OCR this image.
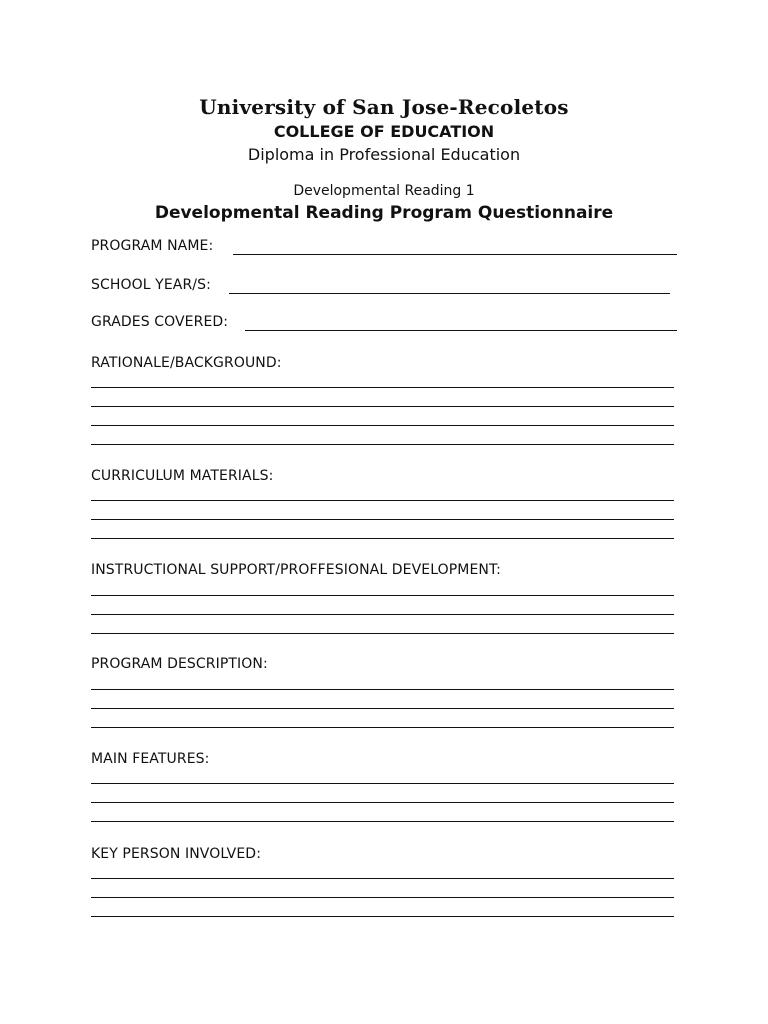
University of San Jose-Recoletos
COLLEGE OF EDUCATION
Diploma in Professional Education
Developmental Reading 1
Developmental Reading Program Questionnaire
PROGRAM NAME:
SCHOOL YEAR/S:
GRADES COVERED:
RATIONALE/BACKGROUND:
CURRICULUM MATERIALS:
INSTRUCTIONAL SUPPORT/PROFFESIONAL DEVELOPMENT:
PROGRAM DESCRIPTION:
MAIN FEATURES:
KEY PERSON INVOLVED:
